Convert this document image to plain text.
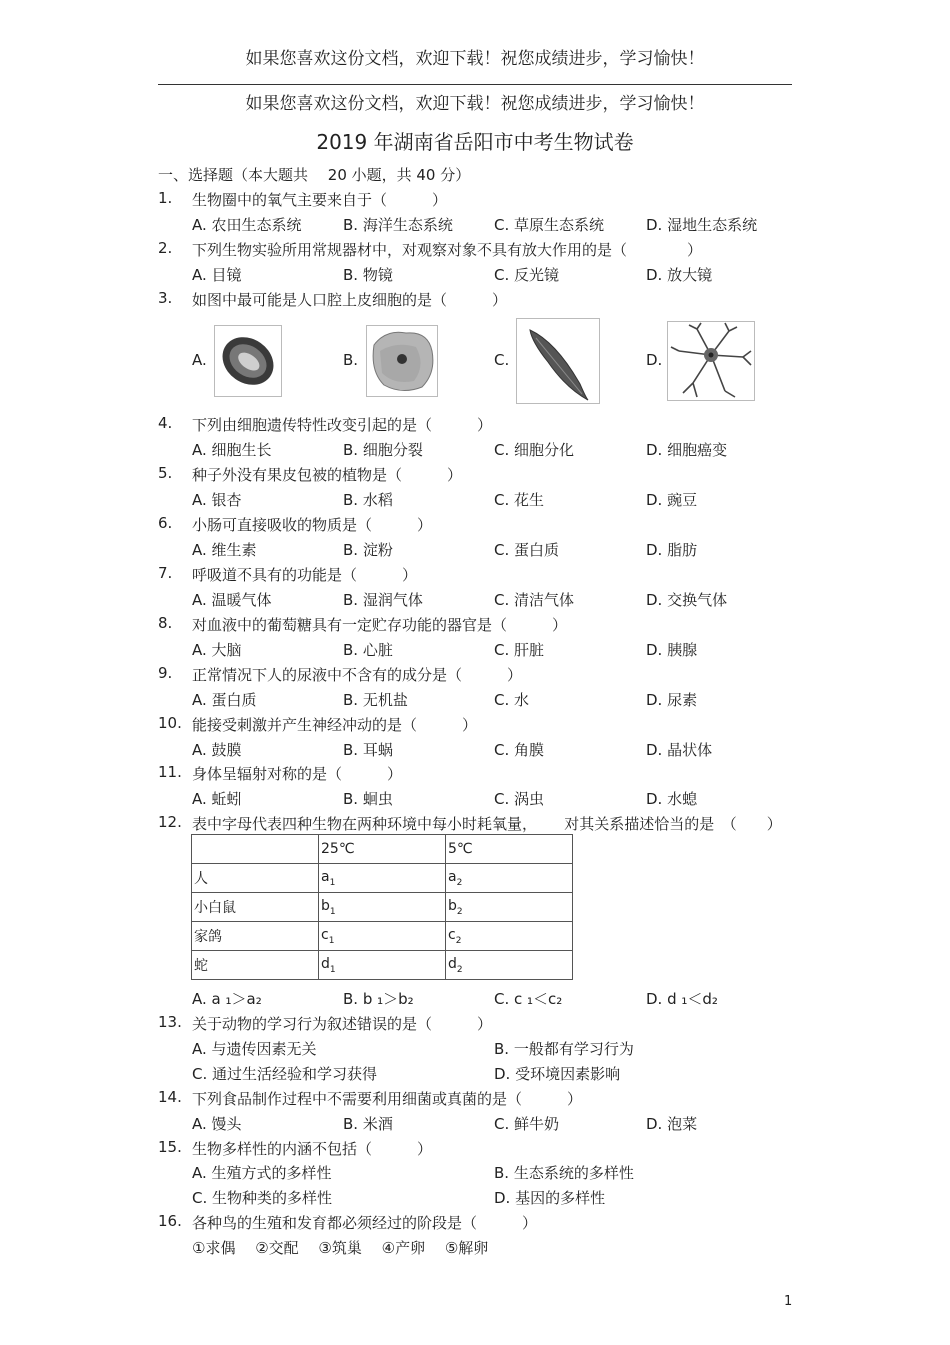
如果您喜欢这份文档，欢迎下载！祝您成绩进步，学习愉快！
如果您喜欢这份文档，欢迎下载！祝您成绩进步，学习愉快！
2019 年湖南省岳阳市中考生物试卷
一、选择题（本大题共　 20 小题，共 40 分）
1.	生物圈中的氧气主要来自于（　　　）
A. 农田生态系统	B. 海洋生态系统	C. 草原生态系统	D. 湿地生态系统
2.	下列生物实验所用常规器材中，对观察对象不具有放大作用的是（　　　　）
A. 目镜	B. 物镜	C. 反光镜	D. 放大镜
3.	如图中最可能是人口腔上皮细胞的是（　　　）
A.	B.	C.	D.
4.	下列由细胞遗传特性改变引起的是（　　　）
A. 细胞生长	B. 细胞分裂	C. 细胞分化	D. 细胞癌变
5.	种子外没有果皮包被的植物是（　　　）
A. 银杏	B. 水稻	C. 花生	D. 豌豆
6.	小肠可直接吸收的物质是（　　　）
A. 维生素	B. 淀粉	C. 蛋白质	D. 脂肪
7.	呼吸道不具有的功能是（　　　）
A. 温暖气体	B. 湿润气体	C. 清洁气体	D. 交换气体
8.	对血液中的葡萄糖具有一定贮存功能的器官是（　　　）
A. 大脑	B. 心脏	C. 肝脏	D. 胰腺
9.	正常情况下人的尿液中不含有的成分是（　　　）
A. 蛋白质	B. 无机盐	C. 水	D. 尿素
10. 能接受刺激并产生神经冲动的是（　　　）
A. 鼓膜	B. 耳蜗	C. 角膜	D. 晶状体
11. 身体呈辐射对称的是（　　　）
A. 蚯蚓	B. 蛔虫	C. 涡虫	D. 水螅
12. 表中字母代表四种生物在两种环境中每小时耗氧量，　　 对其关系描述恰当的是　（　　）
	25℃	5℃
人	$a_1$	$a_2$
小白鼠	$b_1$	$b_2$
家鸽	$c_1$	$c_2$
蛇	$d_1$	$d_2$
A. a ₁＞a₂	B. b ₁＞b₂	C. c ₁＜c₂	D. d ₁＜d₂
13. 关于动物的学习行为叙述错误的是（　　　）
A. 与遗传因素无关	B. 一般都有学习行为
C. 通过生活经验和学习获得	D. 受环境因素影响
14. 下列食品制作过程中不需要利用细菌或真菌的是（　　　）
A. 馒头	B. 米酒	C. 鲜牛奶	D. 泡菜
15. 生物多样性的内涵不包括（　　　）
A. 生殖方式的多样性	B. 生态系统的多样性
C. 生物种类的多样性	D. 基因的多样性
16. 各种鸟的生殖和发育都必须经过的阶段是（　　　）
①求偶　 ②交配　 ③筑巢　 ④产卵　 ⑤解卵
1
